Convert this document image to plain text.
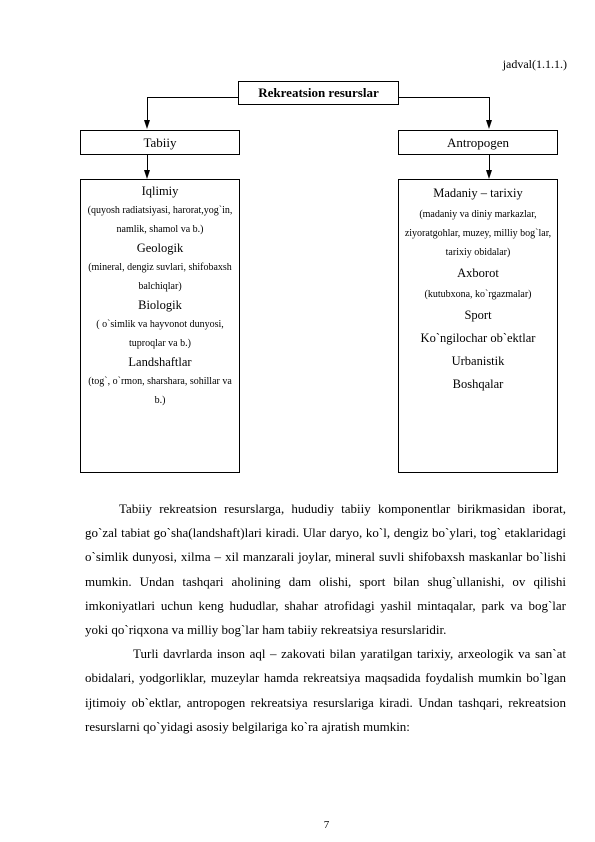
jadval(1.1.1.)
Rekreatsion resurslar
Tabiiy	Antropogen
Iqlimiy
(quyosh radiatsiyasi, harorat,yog`in, namlik, shamol va b.)
Geologik
(mineral, dengiz suvlari, shifobaxsh balchiqlar)
Biologik
( o`simlik va hayvonot dunyosi, tuproqlar va b.)
Landshaftlar
(tog`, o`rmon, sharshara, sohillar va b.)
Madaniy – tarixiy
(madaniy va diniy markazlar, ziyoratgohlar, muzey, milliy bog`lar, tarixiy obidalar)
Axborot
(kutubxona, ko`rgazmalar)
Sport
Ko`ngilochar ob`ektlar
Urbanistik
Boshqalar

Tabiiy rekreatsion resurslarga, hududiy tabiiy komponentlar birikmasidan iborat, go`zal tabiat go`sha(landshaft)lari kiradi. Ular daryo, ko`l, dengiz bo`ylari, tog` etaklaridagi o`simlik dunyosi, xilma – xil manzarali joylar, mineral suvli shifobaxsh maskanlar bo`lishi mumkin. Undan tashqari aholining dam olishi, sport bilan shug`ullanishi, ov qilishi imkoniyatlari uchun keng hududlar, shahar atrofidagi yashil mintaqalar, park va bog`lar yoki qo`riqxona va milliy bog`lar ham tabiiy rekreatsiya resurslaridir.

Turli davrlarda inson aql – zakovati bilan yaratilgan tarixiy, arxeologik va san`at obidalari, yodgorliklar, muzeylar hamda rekreatsiya maqsadida foydalish mumkin bo`lgan ijtimoiy ob`ektlar, antropogen rekreatsiya resurslariga kiradi. Undan tashqari, rekreatsion resurslarni qo`yidagi asosiy belgilariga ko`ra ajratish mumkin:

7
